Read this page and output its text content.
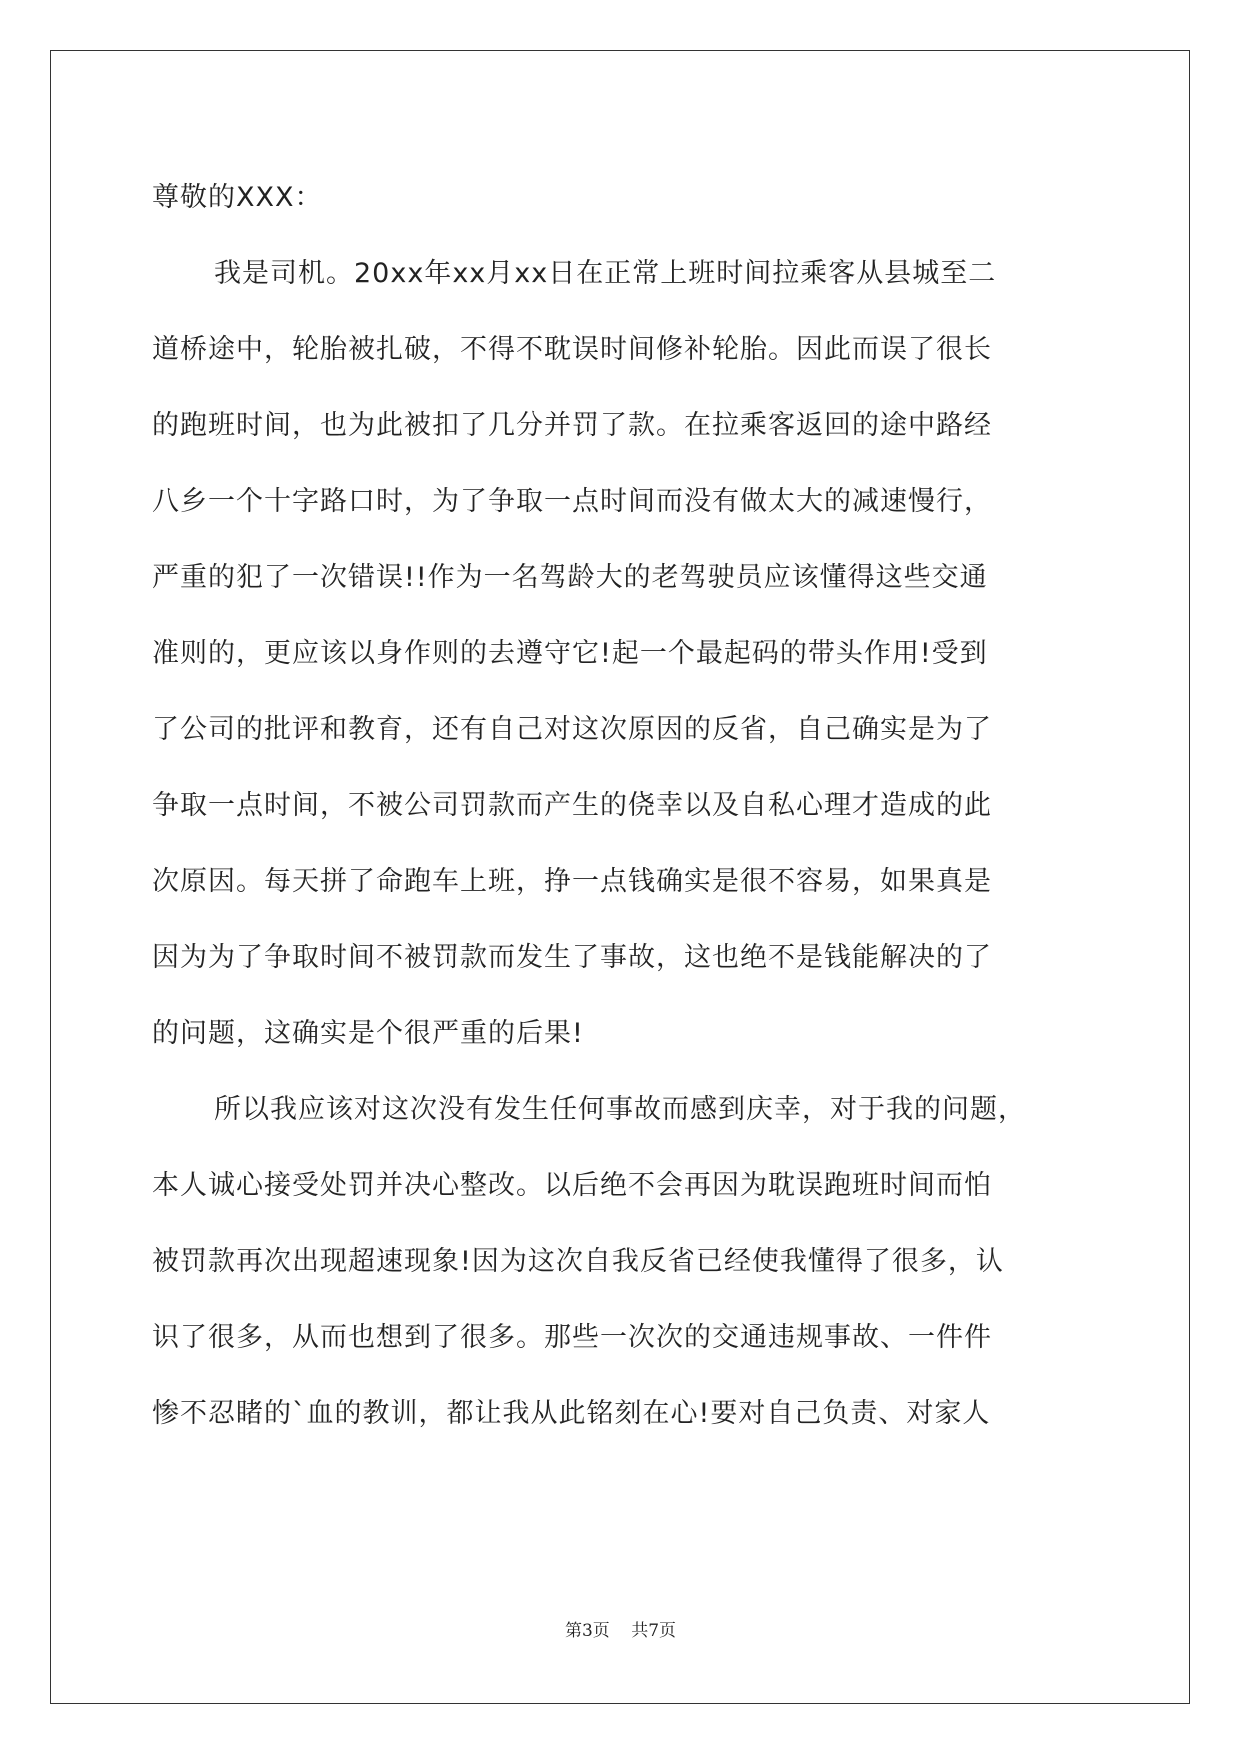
尊敬的XXX：

我是司机。20xx年xx月xx日在正常上班时间拉乘客从县城至二

道桥途中，轮胎被扎破，不得不耽误时间修补轮胎。因此而误了很长

的跑班时间，也为此被扣了几分并罚了款。在拉乘客返回的途中路经

八乡一个十字路口时，为了争取一点时间而没有做太大的减速慢行，

严重的犯了一次错误!!作为一名驾龄大的老驾驶员应该懂得这些交通

准则的，更应该以身作则的去遵守它!起一个最起码的带头作用!受到

了公司的批评和教育，还有自己对这次原因的反省，自己确实是为了

争取一点时间，不被公司罚款而产生的侥幸以及自私心理才造成的此

次原因。每天拼了命跑车上班，挣一点钱确实是很不容易，如果真是

因为为了争取时间不被罚款而发生了事故，这也绝不是钱能解决的了

的问题，这确实是个很严重的后果!

所以我应该对这次没有发生任何事故而感到庆幸，对于我的问题，

本人诚心接受处罚并决心整改。以后绝不会再因为耽误跑班时间而怕

被罚款再次出现超速现象!因为这次自我反省已经使我懂得了很多，认

识了很多，从而也想到了很多。那些一次次的交通违规事故、一件件

惨不忍睹的`血的教训，都让我从此铭刻在心!要对自己负责、对家人

第3页 共7页
